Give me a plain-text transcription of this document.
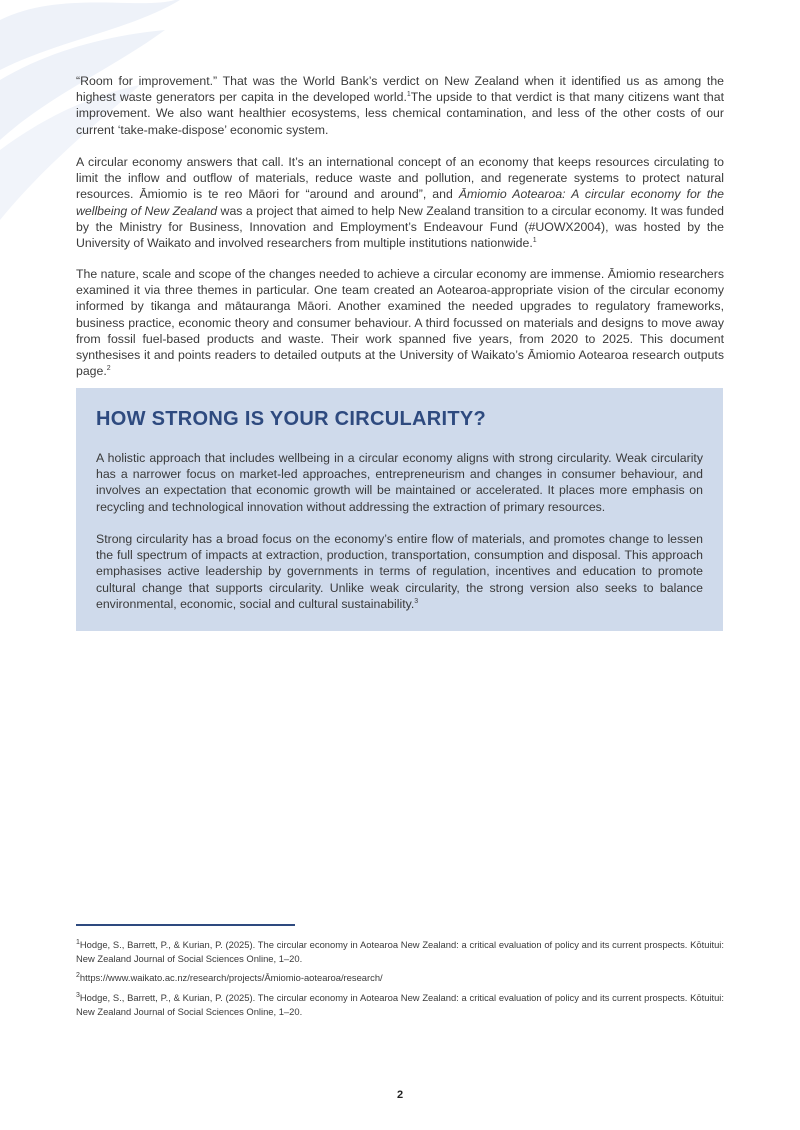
“Room for improvement.” That was the World Bank’s verdict on New Zealand when it identified us as among the highest waste generators per capita in the developed world.$^1$The upside to that verdict is that many citizens want that improvement. We also want healthier ecosystems, less chemical contamination, and less of the other costs of our current ‘take-make-dispose’ economic system.

A circular economy answers that call. It’s an international concept of an economy that keeps resources circulating to limit the inflow and outflow of materials, reduce waste and pollution, and regenerate systems to protect natural resources. Āmiomio is te reo Māori for “around and around”, and Āmiomio Aotearoa: A circular economy for the wellbeing of New Zealand was a project that aimed to help New Zealand transition to a circular economy. It was funded by the Ministry for Business, Innovation and Employment’s Endeavour Fund (#UOWX2004), was hosted by the University of Waikato and involved researchers from multiple institutions nationwide.$^1$

The nature, scale and scope of the changes needed to achieve a circular economy are immense. Āmiomio researchers examined it via three themes in particular. One team created an Aotearoa-appropriate vision of the circular economy informed by tikanga and mātauranga Māori. Another examined the needed upgrades to regulatory frameworks, business practice, economic theory and consumer behaviour. A third focussed on materials and designs to move away from fossil fuel-based products and waste. Their work spanned five years, from 2020 to 2025. This document synthesises it and points readers to detailed outputs at the University of Waikato’s Āmiomio Aotearoa research outputs page.$^2$

HOW STRONG IS YOUR CIRCULARITY?

A holistic approach that includes wellbeing in a circular economy aligns with strong circularity. Weak circularity has a narrower focus on market-led approaches, entrepreneurism and changes in consumer behaviour, and involves an expectation that economic growth will be maintained or accelerated. It places more emphasis on recycling and technological innovation without addressing the extraction of primary resources.

Strong circularity has a broad focus on the economy’s entire flow of materials, and promotes change to lessen the full spectrum of impacts at extraction, production, transportation, consumption and disposal. This approach emphasises active leadership by governments in terms of regulation, incentives and education to promote cultural change that supports circularity. Unlike weak circularity, the strong version also seeks to balance environmental, economic, social and cultural sustainability.$^3$

$^1$Hodge, S., Barrett, P., & Kurian, P. (2025). The circular economy in Aotearoa New Zealand: a critical evaluation of policy and its current prospects. Kōtuitui: New Zealand Journal of Social Sciences Online, 1–20.

$^2$https://www.waikato.ac.nz/research/projects/Āmiomio-aotearoa/research/

$^3$Hodge, S., Barrett, P., & Kurian, P. (2025). The circular economy in Aotearoa New Zealand: a critical evaluation of policy and its current prospects. Kōtuitui: New Zealand Journal of Social Sciences Online, 1–20.

2
